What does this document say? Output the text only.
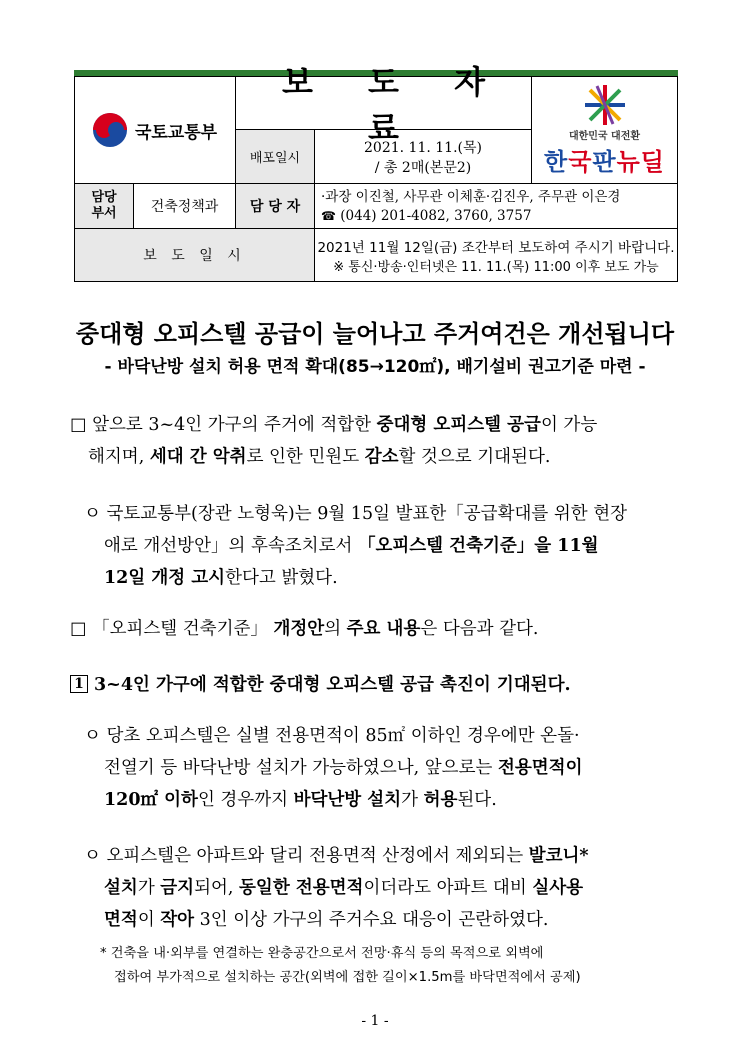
국토교통부
보 도 자 료
배포일시
2021. 11. 11.(목)
/ 총 2매(본문2)
대한민국 대전환
한국판뉴딜
담당
부서 건축정책과 담 당 자
·과장 이진철, 사무관 이체훈·김진우, 주무관 이은경
☎ (044) 201-4082, 3760, 3757
보 도 일 시
2021년 11월 12일(금) 조간부터 보도하여 주시기 바랍니다.
※ 통신·방송·인터넷은 11. 11.(목) 11:00 이후 보도 가능
중대형 오피스텔 공급이 늘어나고 주거여건은 개선됩니다
- 바닥난방 설치 허용 면적 확대(85→120㎡), 배기설비 권고기준 마련 -
□ 앞으로 3~4인 가구의 주거에 적합한 중대형 오피스텔 공급이 가능
해지며, 세대 간 악취로 인한 민원도 감소할 것으로 기대된다.
ㅇ 국토교통부(장관 노형욱)는 9월 15일 발표한「공급확대를 위한 현장
애로 개선방안」의 후속조치로서 「오피스텔 건축기준」을 11월
12일 개정 고시한다고 밝혔다.
□ 「오피스텔 건축기준」 개정안의 주요 내용은 다음과 같다.
1 3~4인 가구에 적합한 중대형 오피스텔 공급 촉진이 기대된다.
ㅇ 당초 오피스텔은 실별 전용면적이 85㎡ 이하인 경우에만 온돌·
전열기 등 바닥난방 설치가 가능하였으나, 앞으로는 전용면적이
120㎡ 이하인 경우까지 바닥난방 설치가 허용된다.
ㅇ 오피스텔은 아파트와 달리 전용면적 산정에서 제외되는 발코니*
설치가 금지되어, 동일한 전용면적이더라도 아파트 대비 실사용
면적이 작아 3인 이상 가구의 주거수요 대응이 곤란하였다.
* 건축을 내·외부를 연결하는 완충공간으로서 전망·휴식 등의 목적으로 외벽에
접하여 부가적으로 설치하는 공간(외벽에 접한 길이×1.5m를 바닥면적에서 공제)
- 1 -
